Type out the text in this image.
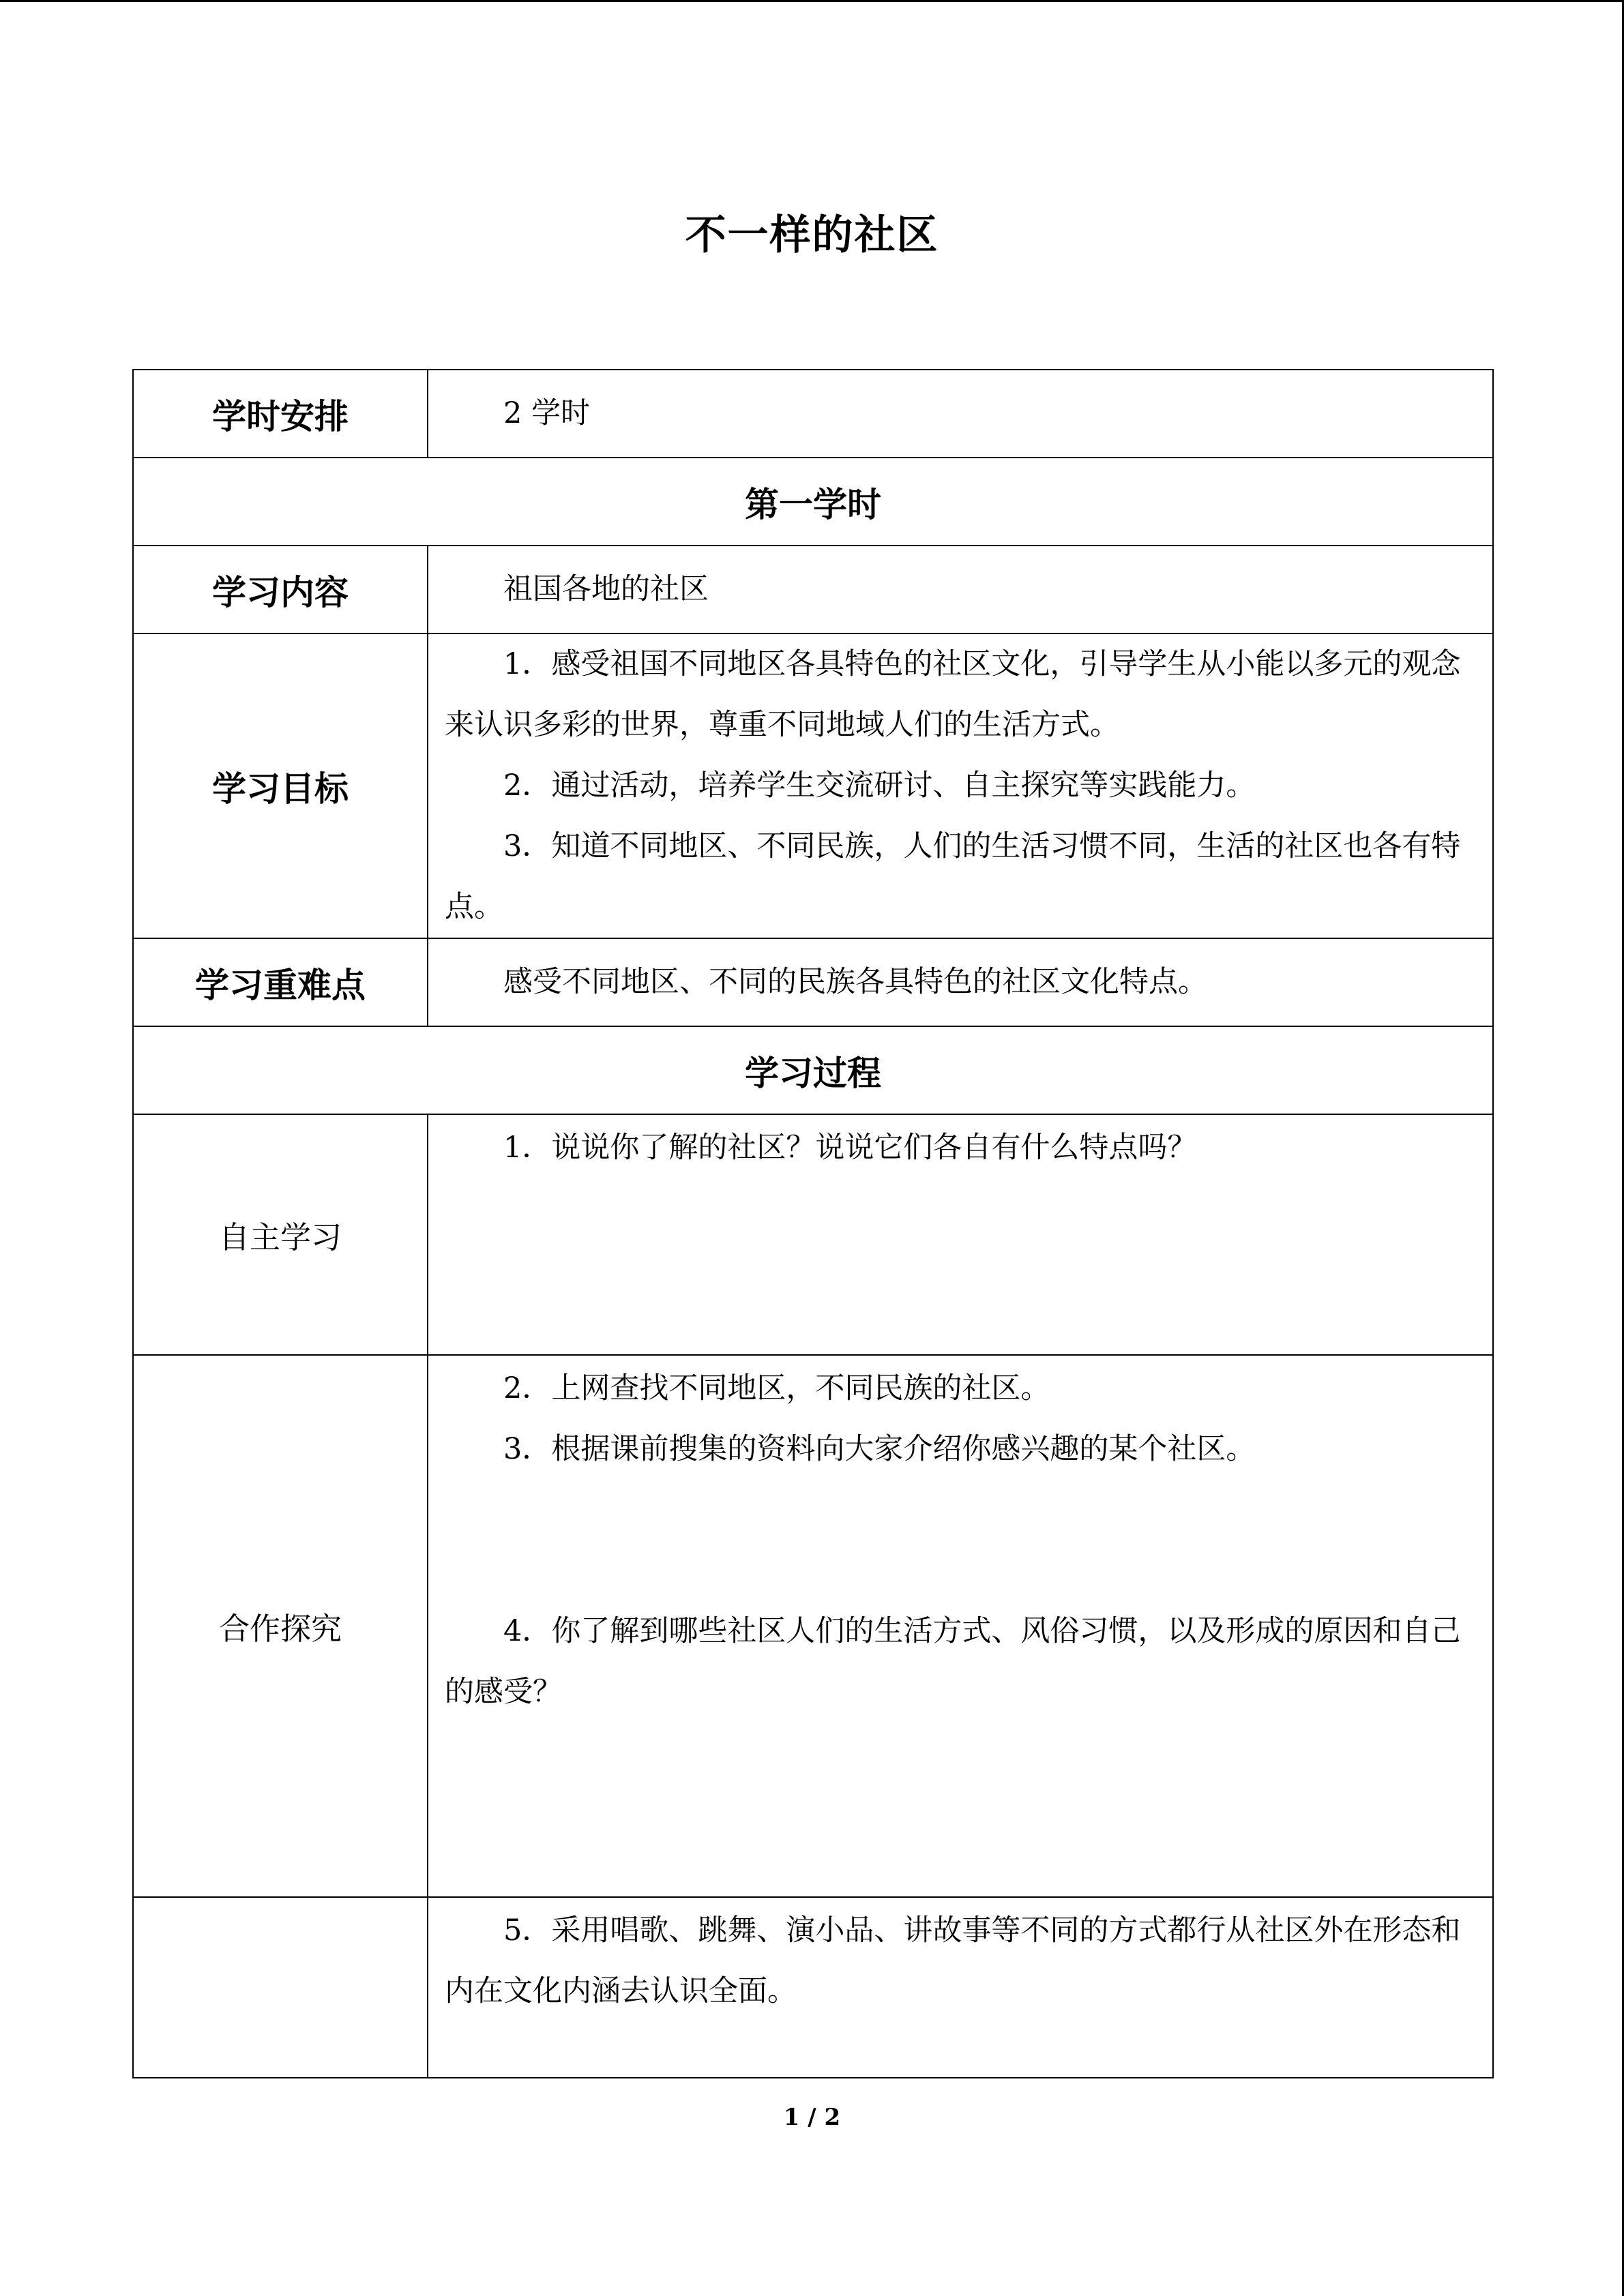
不一样的社区
学时安排	2 学时

第一学时	
学习内容	祖国各地的社区

学习目标	1．感受祖国不同地区各具特色的社区文化，引导学生从小能以多元的观念来认识多彩的世界，尊重不同地域人们的生活方式。

2．通过活动，培养学生交流研讨、自主探究等实践能力。

3．知道不同地区、不同民族，人们的生活习惯不同，生活的社区也各有特点。

学习重难点	感受不同地区、不同的民族各具特色的社区文化特点。

学习过程	
自主学习	1．说说你了解的社区？说说它们各自有什么特点吗？

合作探究	2．上网查找不同地区，不同民族的社区。

3．根据课前搜集的资料向大家介绍你感兴趣的某个社区。

4．你了解到哪些社区人们的生活方式、风俗习惯，以及形成的原因和自己的感受？

	5．采用唱歌、跳舞、演小品、讲故事等不同的方式都行从社区外在形态和内在文化内涵去认识全面。

1 / 2
